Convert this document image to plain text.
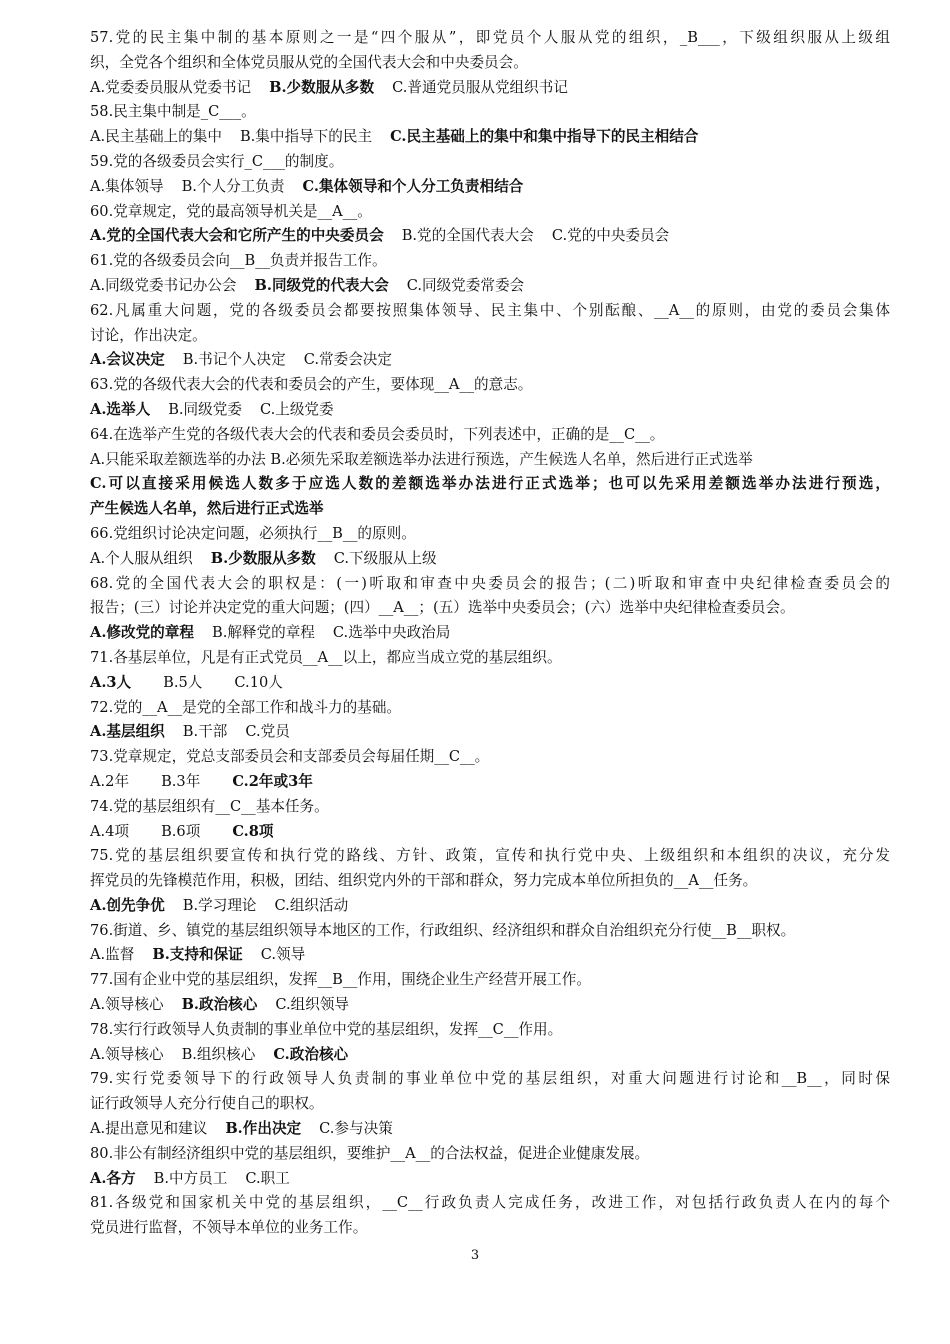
57.党的民主集中制的基本原则之一是“四个服从”，即党员个人服从党的组织，_B___，下级组织服从上级组
织，全党各个组织和全体党员服从党的全国代表大会和中央委员会。
A.党委委员服从党委书记 B.少数服从多数 C.普通党员服从党组织书记
58.民主集中制是_C___。
A.民主基础上的集中 B.集中指导下的民主 C.民主基础上的集中和集中指导下的民主相结合
59.党的各级委员会实行_C___的制度。
A.集体领导 B.个人分工负责 C.集体领导和个人分工负责相结合
60.党章规定，党的最高领导机关是__A__。
A.党的全国代表大会和它所产生的中央委员会 B.党的全国代表大会 C.党的中央委员会
61.党的各级委员会向__B__负责并报告工作。
A.同级党委书记办公会 B.同级党的代表大会 C.同级党委常委会
62.凡属重大问题，党的各级委员会都要按照集体领导、民主集中、个别酝酿、__A__的原则，由党的委员会集体
讨论，作出决定。
A.会议决定 B.书记个人决定 C.常委会决定
63.党的各级代表大会的代表和委员会的产生，要体现__A__的意志。
A.选举人 B.同级党委 C.上级党委
64.在选举产生党的各级代表大会的代表和委员会委员时，下列表述中，正确的是__C__。
A.只能采取差额选举的办法 B.必须先采取差额选举办法进行预选，产生候选人名单，然后进行正式选举
C.可以直接采用候选人数多于应选人数的差额选举办法进行正式选举；也可以先采用差额选举办法进行预选，
产生候选人名单，然后进行正式选举
66.党组织讨论决定问题，必须执行__B__的原则。
A.个人服从组织 B.少数服从多数 C.下级服从上级
68.党的全国代表大会的职权是：(一)听取和审查中央委员会的报告；(二)听取和审查中央纪律检查委员会的
报告；(三）讨论并决定党的重大问题；(四）__A__；(五）选举中央委员会；(六）选举中央纪律检查委员会。
A.修改党的章程 B.解释党的章程 C.选举中央政治局
71.各基层单位，凡是有正式党员__A__以上，都应当成立党的基层组织。
A.3人 B.5人 C.10人
72.党的__A__是党的全部工作和战斗力的基础。
A.基层组织 B.干部 C.党员
73.党章规定，党总支部委员会和支部委员会每届任期__C__。
A.2年 B.3年 C.2年或3年
74.党的基层组织有__C__基本任务。
A.4项 B.6项 C.8项
75.党的基层组织要宣传和执行党的路线、方针、政策，宣传和执行党中央、上级组织和本组织的决议，充分发
挥党员的先锋模范作用，积极，团结、组织党内外的干部和群众，努力完成本单位所担负的__A__任务。
A.创先争优 B.学习理论 C.组织活动
76.街道、乡、镇党的基层组织领导本地区的工作，行政组织、经济组织和群众自治组织充分行使__B__职权。
A.监督 B.支持和保证 C.领导
77.国有企业中党的基层组织，发挥__B__作用，围绕企业生产经营开展工作。
A.领导核心 B.政治核心 C.组织领导
78.实行行政领导人负责制的事业单位中党的基层组织，发挥__C__作用。
A.领导核心 B.组织核心 C.政治核心
79.实行党委领导下的行政领导人负责制的事业单位中党的基层组织，对重大问题进行讨论和__B__，同时保
证行政领导人充分行使自己的职权。
A.提出意见和建议 B.作出决定 C.参与决策
80.非公有制经济组织中党的基层组织，要维护__A__的合法权益，促进企业健康发展。
A.各方 B.中方员工 C.职工
81.各级党和国家机关中党的基层组织，__C__行政负责人完成任务，改进工作，对包括行政负责人在内的每个
党员进行监督，不领导本单位的业务工作。
3
